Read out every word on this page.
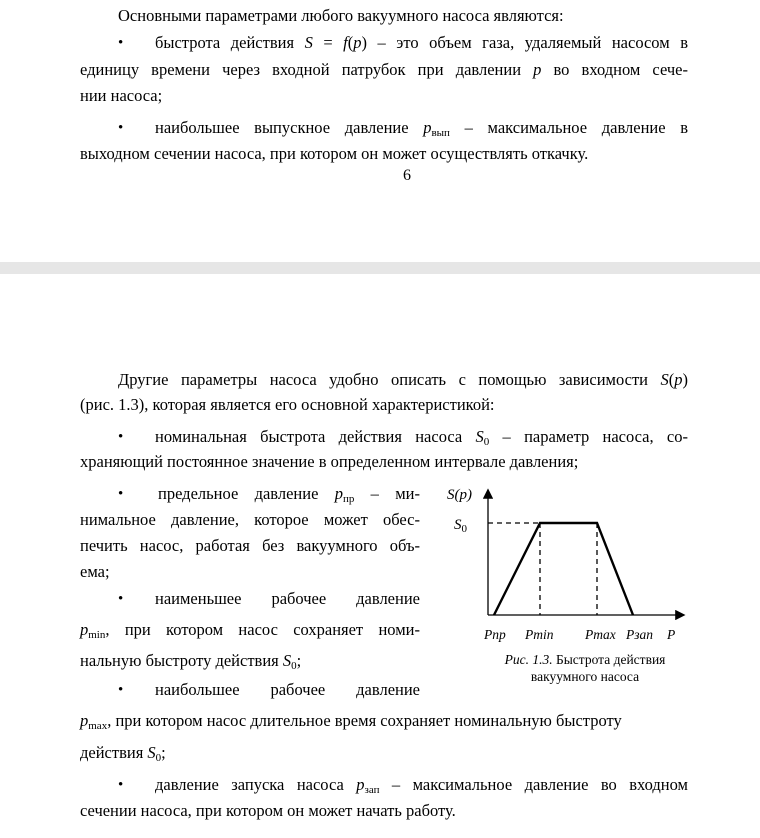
Основными параметрами любого вакуумного насоса являются:
• быстрота действия S = f(p) – это объем газа, удаляемый насосом в
единицу времени через входной патрубок при давлении p во входном сече-
нии насоса;
• наибольшее выпускное давление $p_{вып}$ – максимальное давление в
выходном сечении насоса, при котором он может осуществлять откачку.
6
Другие параметры насоса удобно описать с помощью зависимости S(p)
(рис. 1.3), которая является его основной характеристикой:
• номинальная быстрота действия насоса $S_0$ – параметр насоса, со-
храняющий постоянное значение в определенном интервале давления;
• предельное давление $p_{пр} - ми-$
нимальное давление, которое может обес-
печить насос, работая без вакуумного объ-
ема;
• наименьшее рабочее давление
$p_{min}$, при котором насос сохраняет номи-
нальную быстроту действия $S_0$;
• наибольшее рабочее давление
$p_{max}$, при котором насос длительное время сохраняет номинальную быстроту
действия $S_0$;
• давление запуска насоса $p_{зап}$ – максимальное давление во входном
сечении насоса, при котором он может начать работу.
S(p)
$S_0$
Pпр Pmin Pmax Pзап P
Рис. 1.3. Быстрота действия
вакуумного насоса
